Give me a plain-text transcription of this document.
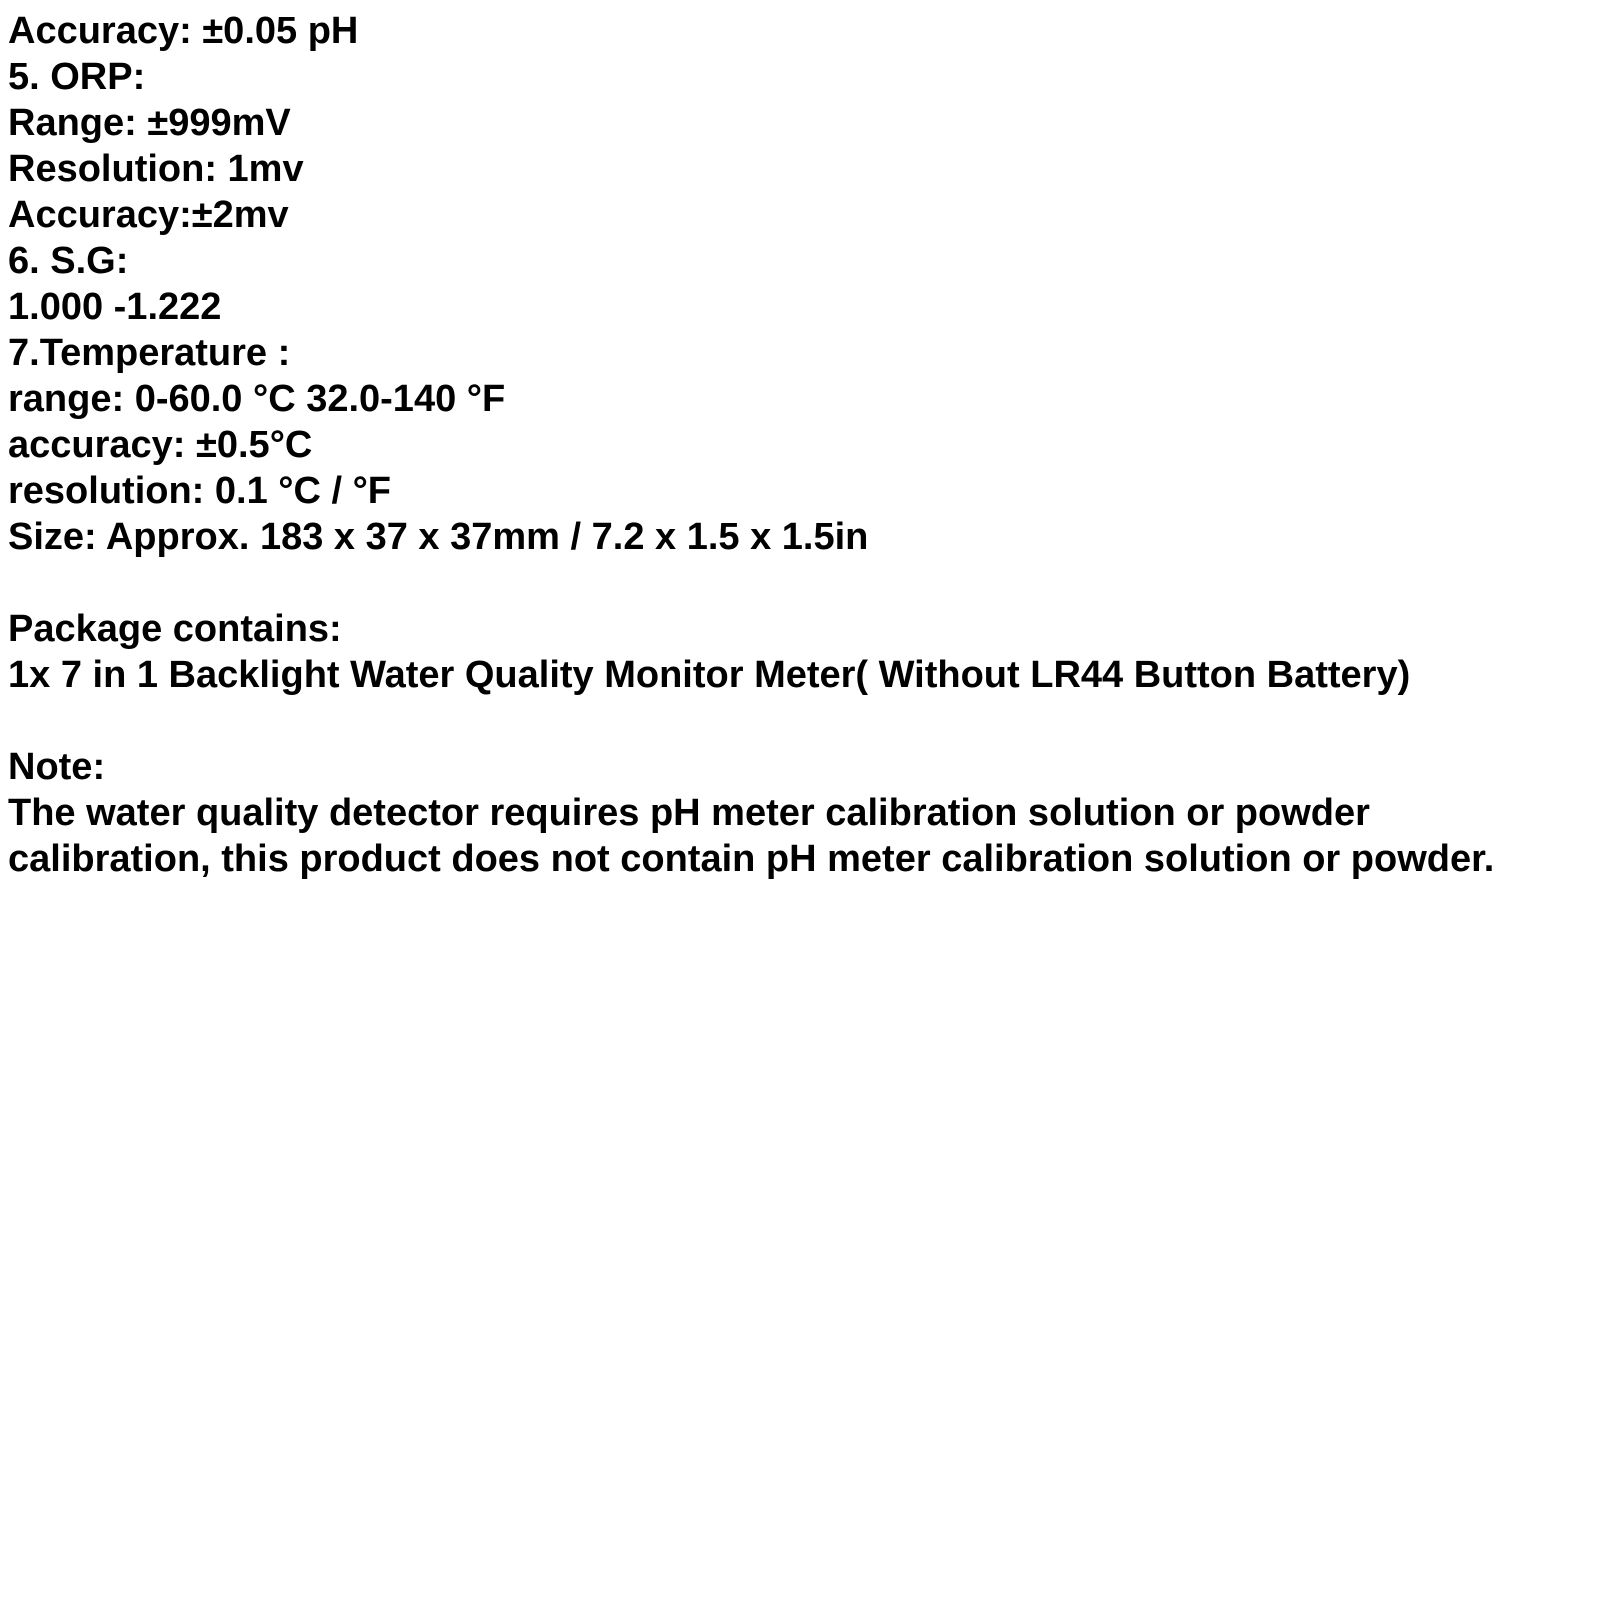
Accuracy: ±0.05 pH
5. ORP:
Range: ±999mV
Resolution: 1mv
Accuracy:±2mv
6. S.G:
1.000 -1.222
7.Temperature :
range: 0-60.0 °C 32.0-140 °F
accuracy: ±0.5°C
resolution: 0.1 °C / °F
Size: Approx. 183 x 37 x 37mm / 7.2 x 1.5 x 1.5in
Package contains:
1x 7 in 1 Backlight Water Quality Monitor Meter( Without LR44 Button Battery)
Note:
The water quality detector requires pH meter calibration solution or powder
calibration, this product does not contain pH meter calibration solution or powder.
